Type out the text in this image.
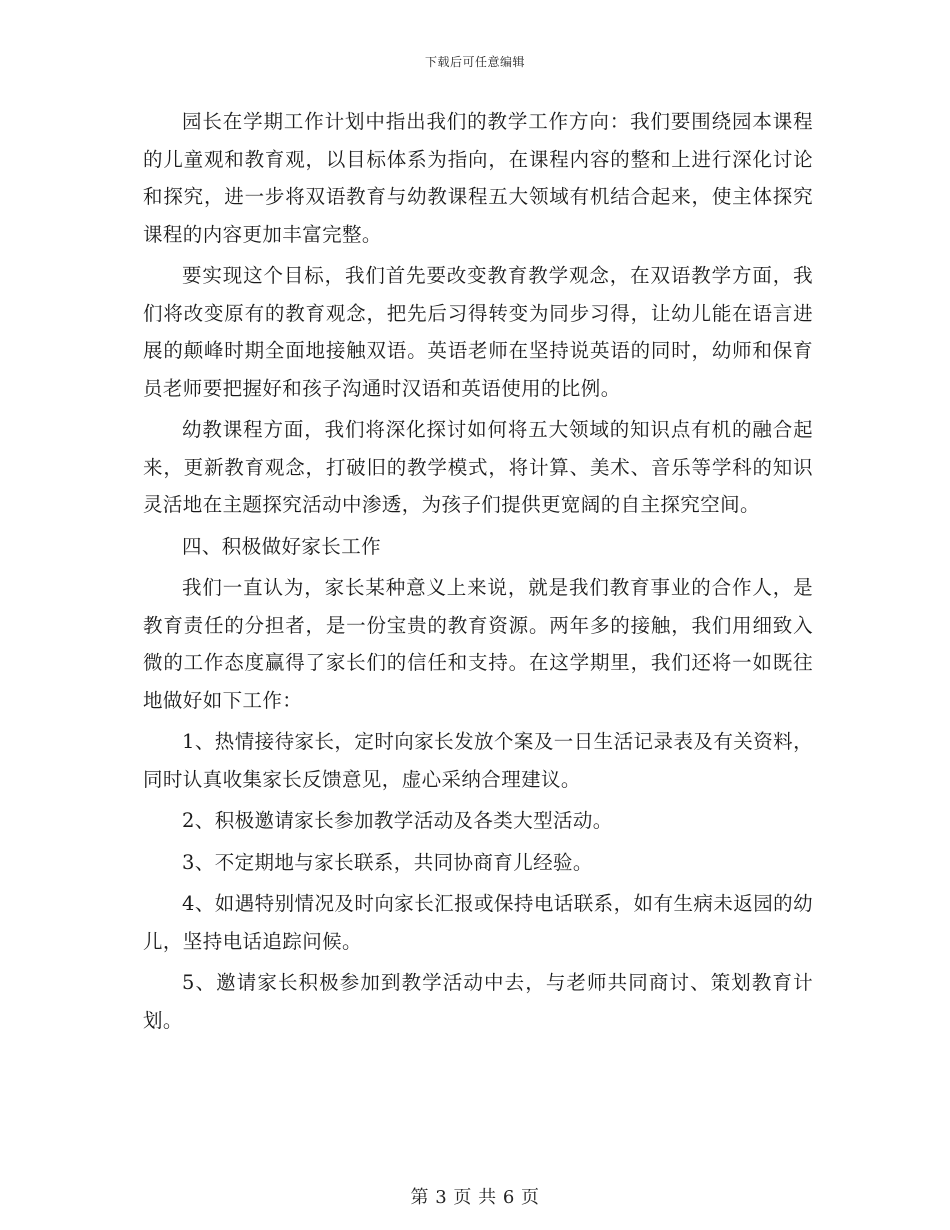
下载后可任意编辑

园长在学期工作计划中指出我们的教学工作方向：我们要围绕园本课程的儿童观和教育观，以目标体系为指向，在课程内容的整和上进行深化讨论和探究，进一步将双语教育与幼教课程五大领域有机结合起来，使主体探究课程的内容更加丰富完整。

要实现这个目标，我们首先要改变教育教学观念，在双语教学方面，我们将改变原有的教育观念，把先后习得转变为同步习得，让幼儿能在语言进展的颠峰时期全面地接触双语。英语老师在坚持说英语的同时，幼师和保育员老师要把握好和孩子沟通时汉语和英语使用的比例。

幼教课程方面，我们将深化探讨如何将五大领域的知识点有机的融合起来，更新教育观念，打破旧的教学模式，将计算、美术、音乐等学科的知识灵活地在主题探究活动中渗透，为孩子们提供更宽阔的自主探究空间。

四、积极做好家长工作

我们一直认为，家长某种意义上来说，就是我们教育事业的合作人，是教育责任的分担者，是一份宝贵的教育资源。两年多的接触，我们用细致入微的工作态度赢得了家长们的信任和支持。在这学期里，我们还将一如既往地做好如下工作：

1、热情接待家长，定时向家长发放个案及一日生活记录表及有关资料，同时认真收集家长反馈意见，虚心采纳合理建议。

2、积极邀请家长参加教学活动及各类大型活动。

3、不定期地与家长联系，共同协商育儿经验。

4、如遇特别情况及时向家长汇报或保持电话联系，如有生病未返园的幼儿，坚持电话追踪问候。

5、邀请家长积极参加到教学活动中去，与老师共同商讨、策划教育计划。

第 3 页 共 6 页
